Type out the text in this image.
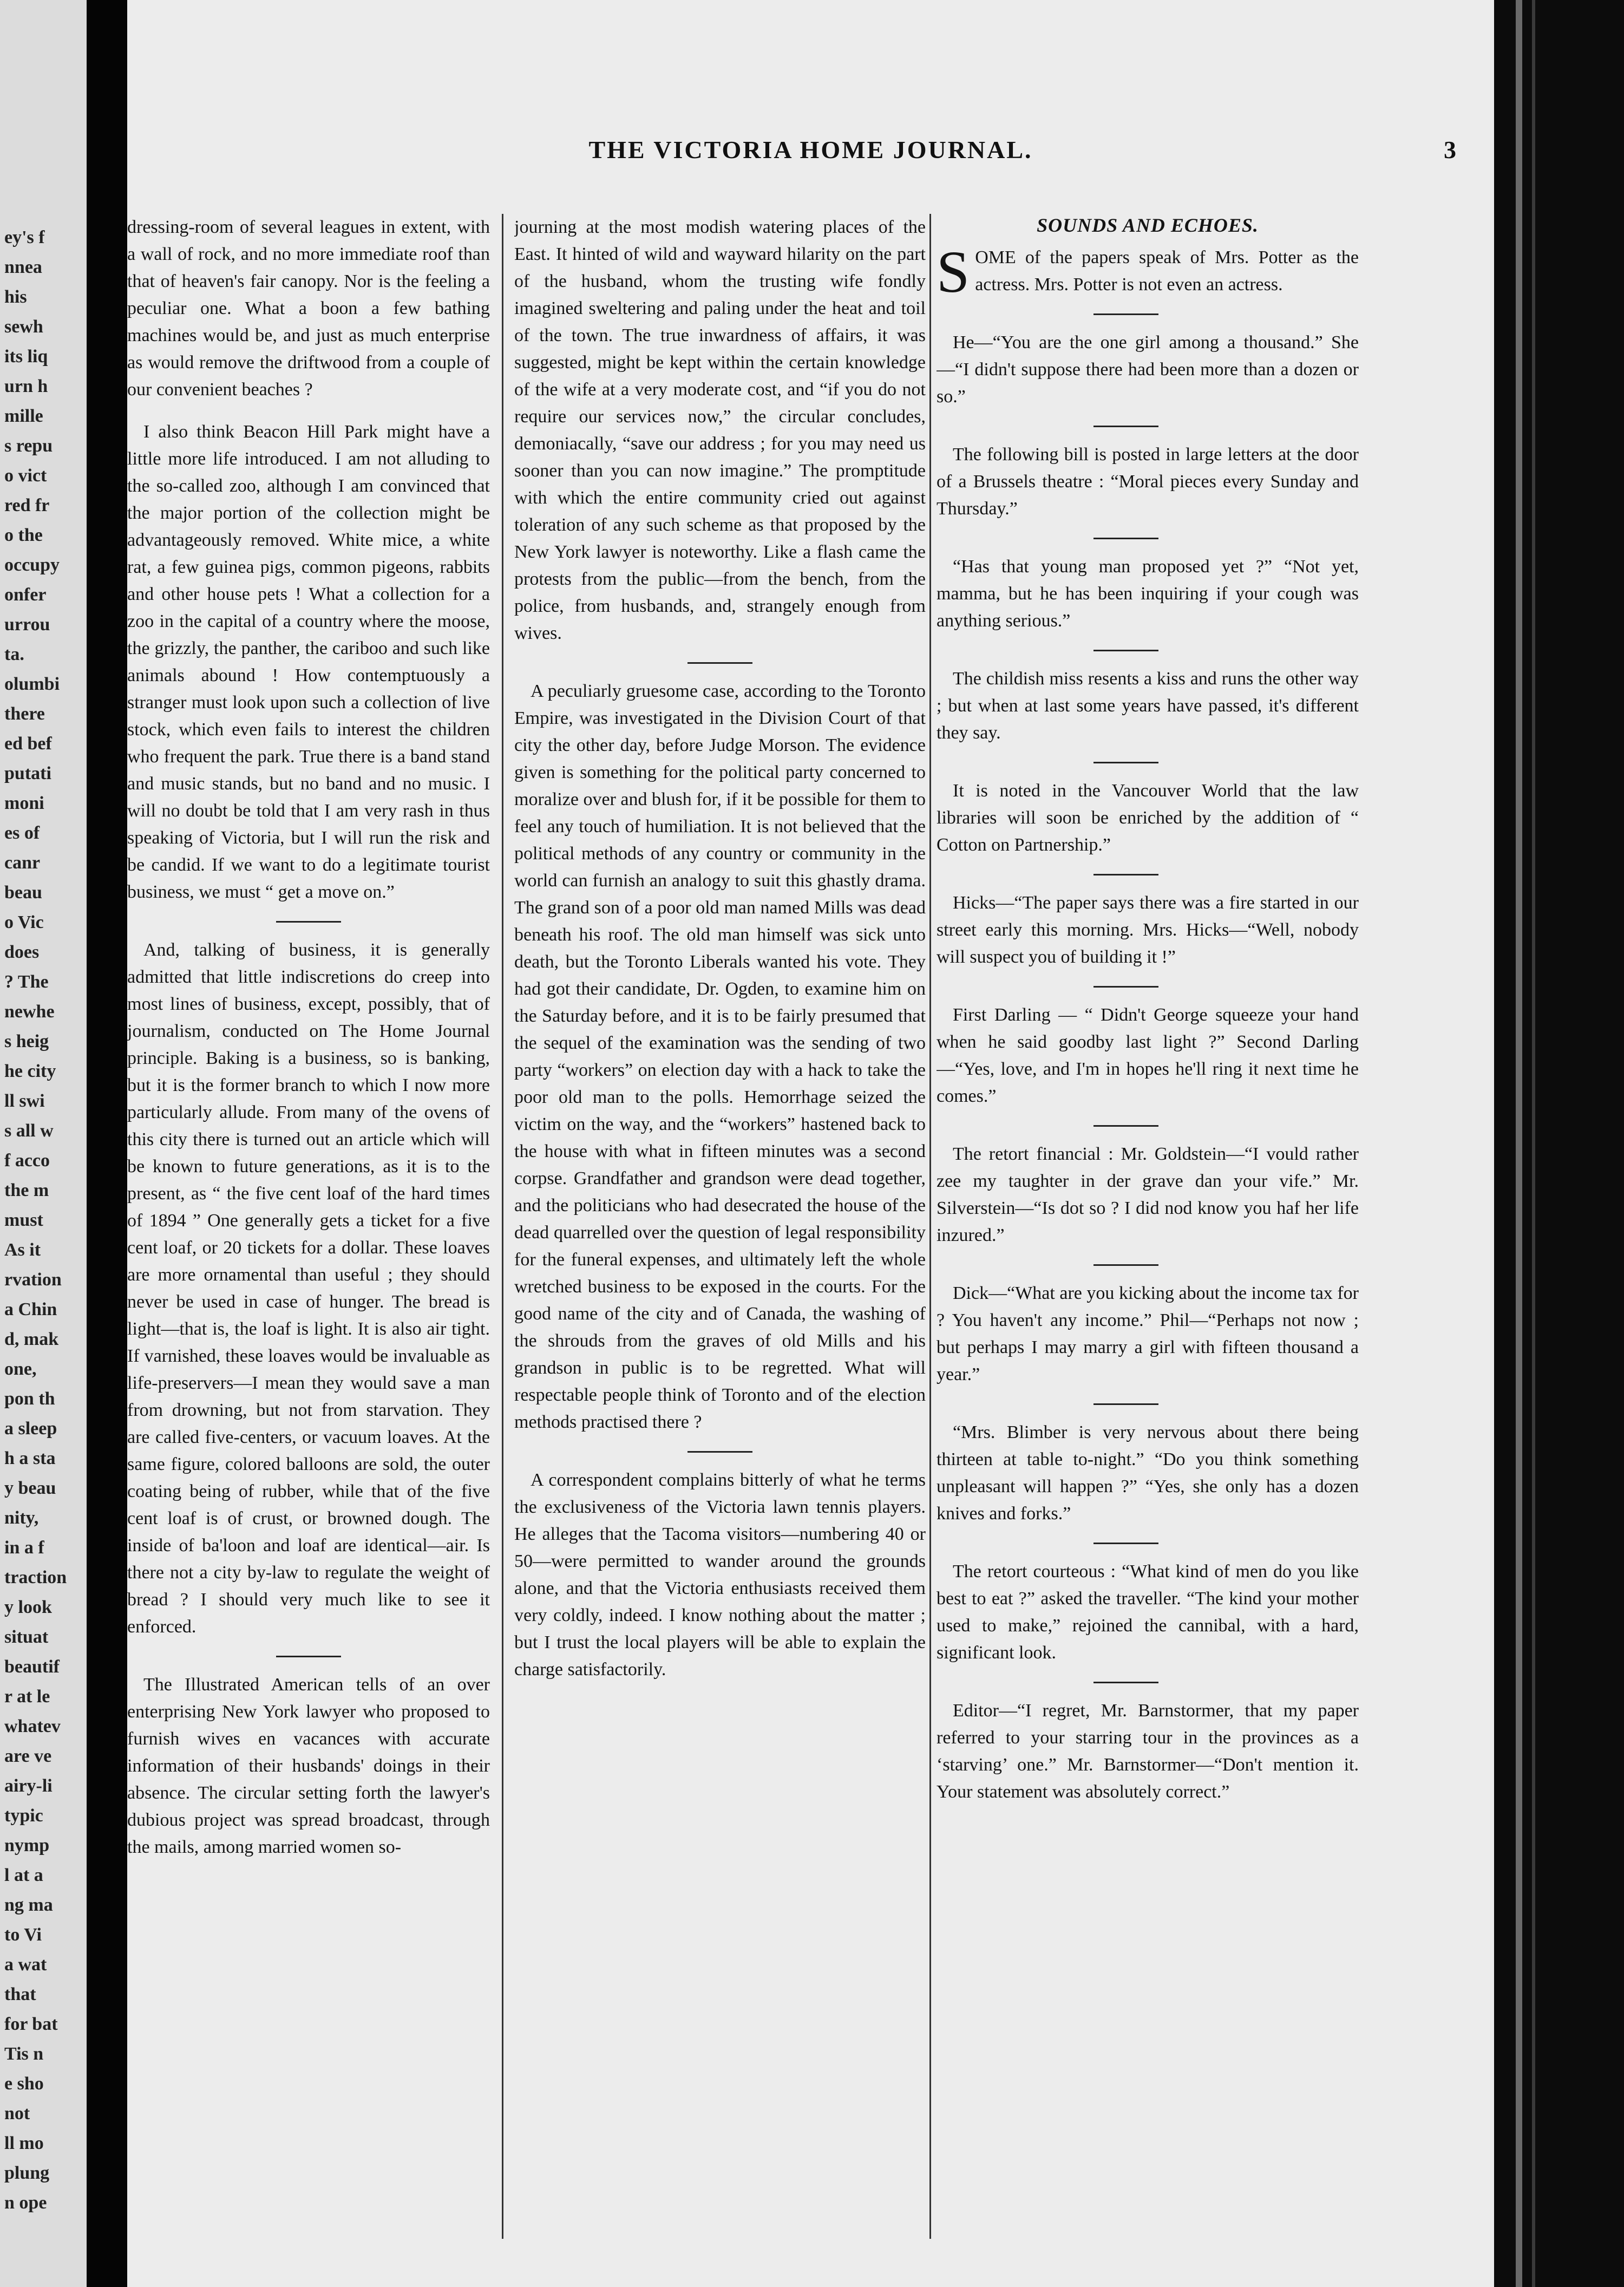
ey's f
nnea
his
sewh
its liq
urn h
mille
s repu
o vict
red fr
o the
occupy
onfer
urrou
ta.
olumbi
there
ed bef
putati
moni
es of
canr
beau
o Vic
does
? The
newhe
s heig
he city
ll swi
s all w
f acco
the m
must
As it
rvation
a Chin
d, mak
one,
pon th
a sleep
h a sta
y beau
nity,
in a f
traction
y look
situat
beautif
r at le
whatev
are ve
airy-li
typic
nymp
l at a
ng ma
to Vi
a wat
that
for bat
Tis n
e sho
not
ll mo
plung
n ope
THE VICTORIA HOME JOURNAL.	3

dressing-room of several leagues in extent, with a wall of rock, and no more immediate roof than that of heaven's fair canopy. Nor is the feeling a peculiar one. What a boon a few bathing machines would be, and just as much enterprise as would remove the driftwood from a couple of our convenient beaches ?

I also think Beacon Hill Park might have a little more life introduced. I am not alluding to the so-called zoo, although I am convinced that the major portion of the collection might be advantageously removed. White mice, a white rat, a few guinea pigs, common pigeons, rabbits and other house pets ! What a collection for a zoo in the capital of a country where the moose, the grizzly, the panther, the cariboo and such like animals abound ! How contemptuously a stranger must look upon such a collection of live stock, which even fails to interest the children who frequent the park. True there is a band stand and music stands, but no band and no music. I will no doubt be told that I am very rash in thus speaking of Victoria, but I will run the risk and be candid. If we want to do a legitimate tourist business, we must “ get a move on.”

And, talking of business, it is generally admitted that little indiscretions do creep into most lines of business, except, possibly, that of journalism, conducted on The Home Journal principle. Baking is a business, so is banking, but it is the former branch to which I now more particularly allude. From many of the ovens of this city there is turned out an article which will be known to future generations, as it is to the present, as “ the five cent loaf of the hard times of 1894 ” One generally gets a ticket for a five cent loaf, or 20 tickets for a dollar. These loaves are more ornamental than useful ; they should never be used in case of hunger. The bread is light—that is, the loaf is light. It is also air tight. If varnished, these loaves would be invaluable as life-preservers—I mean they would save a man from drowning, but not from starvation. They are called five-centers, or vacuum loaves. At the same figure, colored balloons are sold, the outer coating being of rubber, while that of the five cent loaf is of crust, or browned dough. The inside of ba'loon and loaf are identical—air. Is there not a city by-law to regulate the weight of bread ? I should very much like to see it enforced.

The Illustrated American tells of an over enterprising New York lawyer who proposed to furnish wives en vacances with accurate information of their husbands' doings in their absence. The circular setting forth the lawyer's dubious project was spread broadcast, through the mails, among married women so-

journing at the most modish watering places of the East. It hinted of wild and wayward hilarity on the part of the husband, whom the trusting wife fondly imagined sweltering and paling under the heat and toil of the town. The true inwardness of affairs, it was suggested, might be kept within the certain knowledge of the wife at a very moderate cost, and “if you do not require our services now,” the circular concludes, demoniacally, “save our address ; for you may need us sooner than you can now imagine.” The promptitude with which the entire community cried out against toleration of any such scheme as that proposed by the New York lawyer is noteworthy. Like a flash came the protests from the public—from the bench, from the police, from husbands, and, strangely enough from wives.

A peculiarly gruesome case, according to the Toronto Empire, was investigated in the Division Court of that city the other day, before Judge Morson. The evidence given is something for the political party concerned to moralize over and blush for, if it be possible for them to feel any touch of humiliation. It is not believed that the political methods of any country or community in the world can furnish an analogy to suit this ghastly drama. The grand son of a poor old man named Mills was dead beneath his roof. The old man himself was sick unto death, but the Toronto Liberals wanted his vote. They had got their candidate, Dr. Ogden, to examine him on the Saturday before, and it is to be fairly presumed that the sequel of the examination was the sending of two party “workers” on election day with a hack to take the poor old man to the polls. Hemorrhage seized the victim on the way, and the “workers” hastened back to the house with what in fifteen minutes was a second corpse. Grandfather and grandson were dead together, and the politicians who had desecrated the house of the dead quarrelled over the question of legal responsibility for the funeral expenses, and ultimately left the whole wretched business to be exposed in the courts. For the good name of the city and of Canada, the washing of the shrouds from the graves of old Mills and his grandson in public is to be regretted. What will respectable people think of Toronto and of the election methods practised there ?

A correspondent complains bitterly of what he terms the exclusiveness of the Victoria lawn tennis players. He alleges that the Tacoma visitors—numbering 40 or 50—were permitted to wander around the grounds alone, and that the Victoria enthusiasts received them very coldly, indeed. I know nothing about the matter ; but I trust the local players will be able to explain the charge satisfactorily.

SOUNDS AND ECHOES.

SOME of the papers speak of Mrs. Potter as the actress. Mrs. Potter is not even an actress.

He—“You are the one girl among a thousand.” She—“I didn't suppose there had been more than a dozen or so.”

The following bill is posted in large letters at the door of a Brussels theatre : “Moral pieces every Sunday and Thursday.”

“Has that young man proposed yet ?” “Not yet, mamma, but he has been inquiring if your cough was anything serious.”

The childish miss resents a kiss and runs the other way ; but when at last some years have passed, it's different they say.

It is noted in the Vancouver World that the law libraries will soon be enriched by the addition of “ Cotton on Partnership.”

Hicks—“The paper says there was a fire started in our street early this morning. Mrs. Hicks—“Well, nobody will suspect you of building it !”

First Darling — “ Didn't George squeeze your hand when he said goodby last light ?” Second Darling—“Yes, love, and I'm in hopes he'll ring it next time he comes.”

The retort financial : Mr. Goldstein—“I vould rather zee my taughter in der grave dan your vife.” Mr. Silverstein—“Is dot so ? I did nod know you haf her life inzured.”

Dick—“What are you kicking about the income tax for ? You haven't any income.” Phil—“Perhaps not now ; but perhaps I may marry a girl with fifteen thousand a year.”

“Mrs. Blimber is very nervous about there being thirteen at table to-night.” “Do you think something unpleasant will happen ?” “Yes, she only has a dozen knives and forks.”

The retort courteous : “What kind of men do you like best to eat ?” asked the traveller. “The kind your mother used to make,” rejoined the cannibal, with a hard, significant look.

Editor—“I regret, Mr. Barnstormer, that my paper referred to your starring tour in the provinces as a ‘starving’ one.” Mr. Barnstormer—“Don't mention it. Your statement was absolutely correct.”
